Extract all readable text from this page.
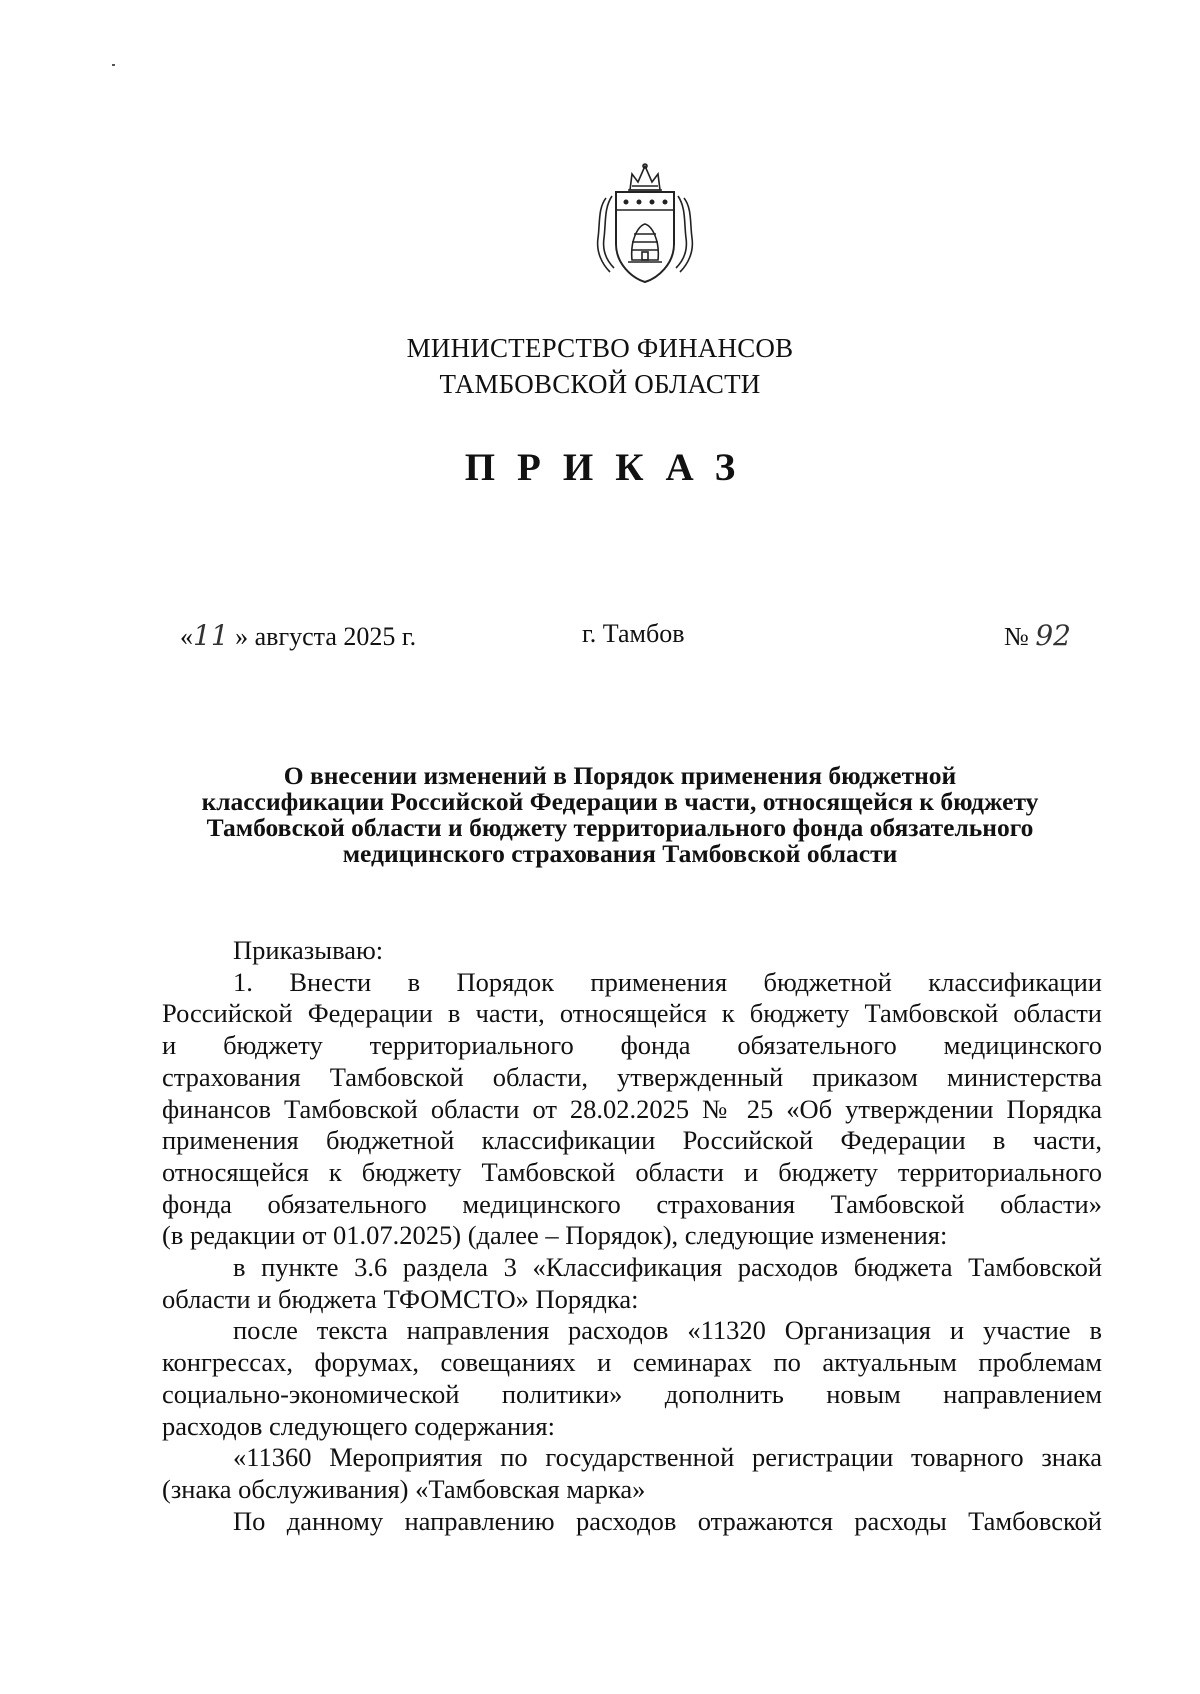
МИНИСТЕРСТВО ФИНАНСОВ
ТАМБОВСКОЙ ОБЛАСТИ
ПРИКАЗ
«11 » августа 2025 г.	г. Тамбов	№ 92
О внесении изменений в Порядок применения бюджетной
классификации Российской Федерации в части, относящейся к бюджету
Тамбовской области и бюджету территориального фонда обязательного
медицинского страхования Тамбовской области
Приказываю:
1. Внести в Порядок применения бюджетной классификации
Российской Федерации в части, относящейся к бюджету Тамбовской области
и бюджету территориального фонда обязательного медицинского
страхования Тамбовской области, утвержденный приказом министерства
финансов Тамбовской области от 28.02.2025 № 25 «Об утверждении Порядка
применения бюджетной классификации Российской Федерации в части,
относящейся к бюджету Тамбовской области и бюджету территориального
фонда обязательного медицинского страхования Тамбовской области»
(в редакции от 01.07.2025) (далее – Порядок), следующие изменения:
в пункте 3.6 раздела 3 «Классификация расходов бюджета Тамбовской
области и бюджета ТФОМСТО» Порядка:
после текста направления расходов «11320 Организация и участие в
конгрессах, форумах, совещаниях и семинарах по актуальным проблемам
социально-экономической политики» дополнить новым направлением
расходов следующего содержания:
«11360 Мероприятия по государственной регистрации товарного знака
(знака обслуживания) «Тамбовская марка»
По данному направлению расходов отражаются расходы Тамбовской
